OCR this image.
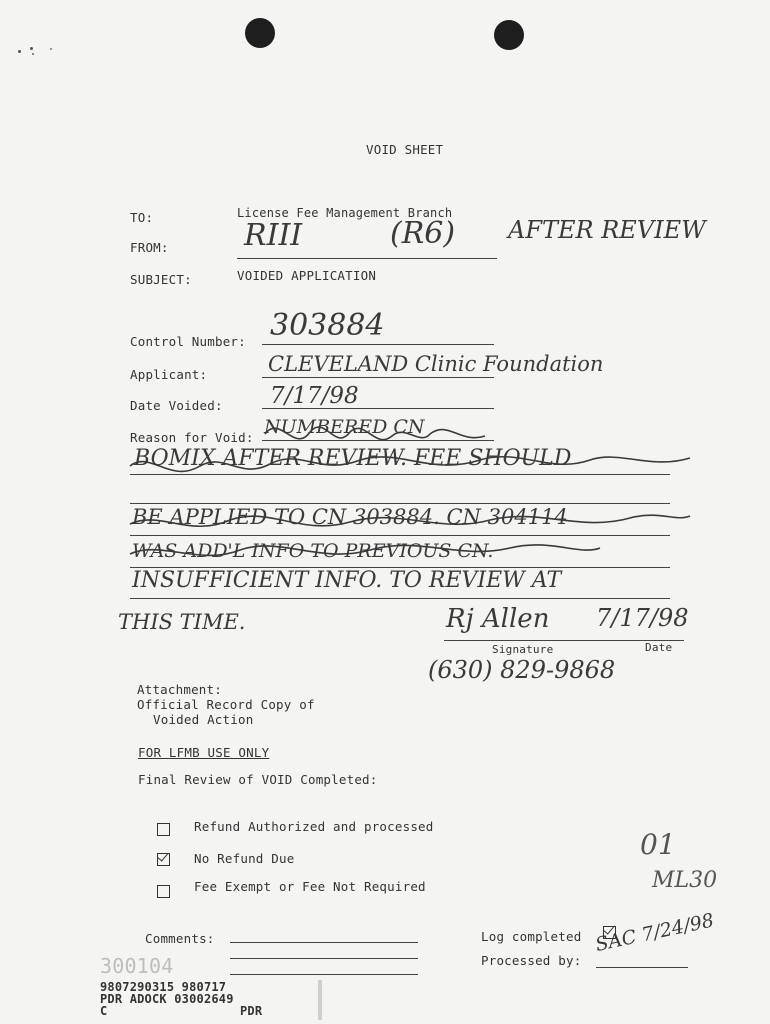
VOID SHEET
TO:	License Fee Management Branch
FROM:	RIII	(R6) AFTER REVIEW
SUBJECT:	VOIDED APPLICATION
Control Number: 303884
Applicant:	CLEVELAND Clinic Foundation
Date Voided: 7/17/98
Reason for Void: NUMBERED CN
BOMIX AFTER REVIEW. FEE SHOULD
BE APPLIED TO CN 303884. CN 304114
WAS ADD'L INFO TO PREVIOUS CN.
INSUFFICIENT INFO. TO REVIEW AT
THIS TIME.	Rj Allen 7/17/98
Signature	Date
(630) 829-9868
Attachment:
Official Record Copy of
Voided Action
FOR LFMB USE ONLY
Final Review of VOID Completed:
Refund Authorized and processed
No Refund Due
Fee Exempt or Fee Not Required
01
ML30
Comments:	Log completed
Processed by:
SAC 7/24/98
300104
9807290315 980717
PDR ADOCK 03002649
C	PDR
